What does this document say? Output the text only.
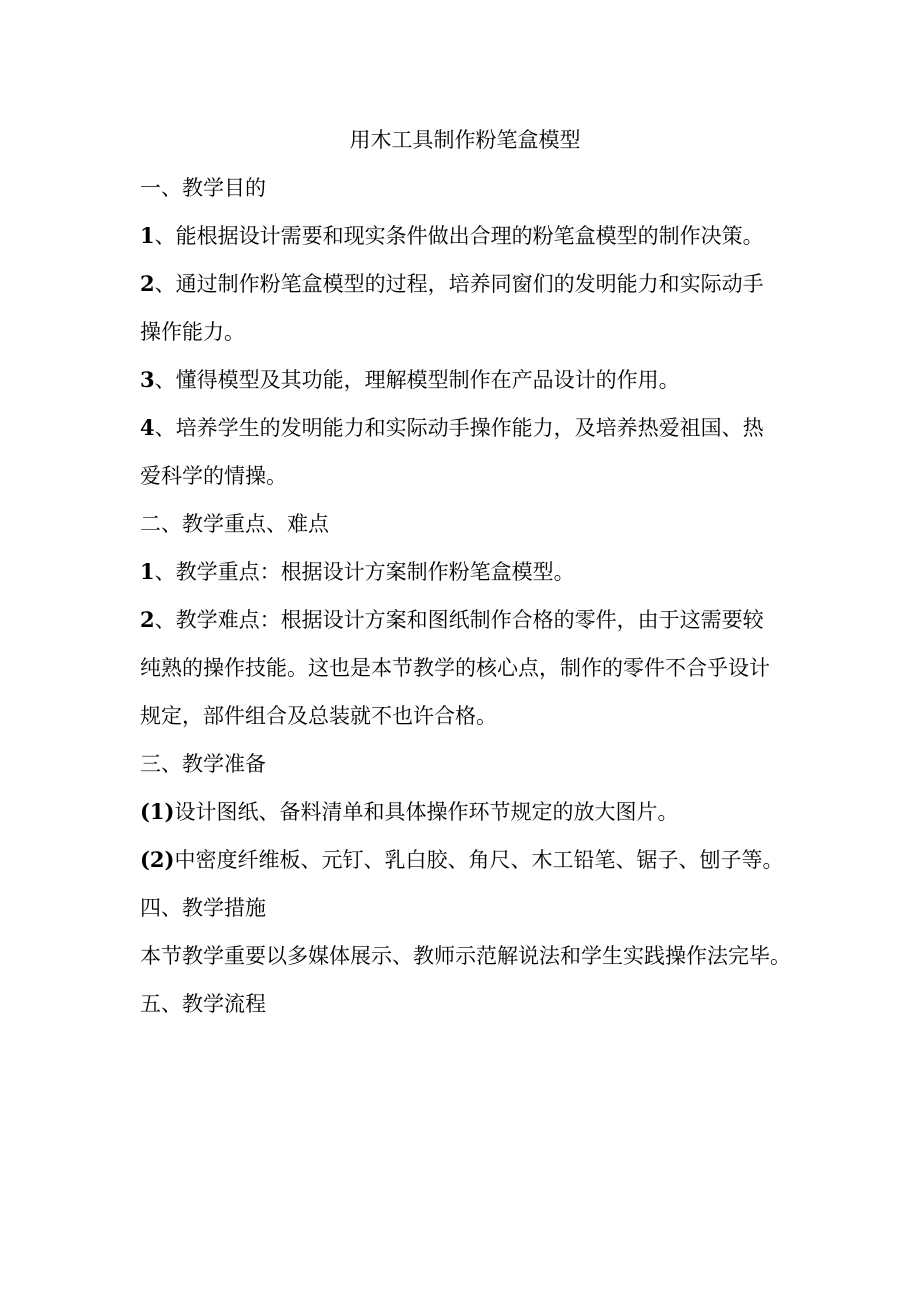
用木工具制作粉笔盒模型

一、教学目的

1、能根据设计需要和现实条件做出合理的粉笔盒模型的制作决策。

2、通过制作粉笔盒模型的过程，培养同窗们的发明能力和实际动手

操作能力。

3、懂得模型及其功能，理解模型制作在产品设计的作用。

4、培养学生的发明能力和实际动手操作能力，及培养热爱祖国、热

爱科学的情操。

二、教学重点、难点

1、教学重点：根据设计方案制作粉笔盒模型。

2、教学难点：根据设计方案和图纸制作合格的零件，由于这需要较

纯熟的操作技能。这也是本节教学的核心点，制作的零件不合乎设计

规定，部件组合及总装就不也许合格。

三、教学准备

(1)设计图纸、备料清单和具体操作环节规定的放大图片。

(2)中密度纤维板、元钉、乳白胶、角尺、木工铅笔、锯子、刨子等。

四、教学措施

本节教学重要以多媒体展示、教师示范解说法和学生实践操作法完毕。

五、教学流程
